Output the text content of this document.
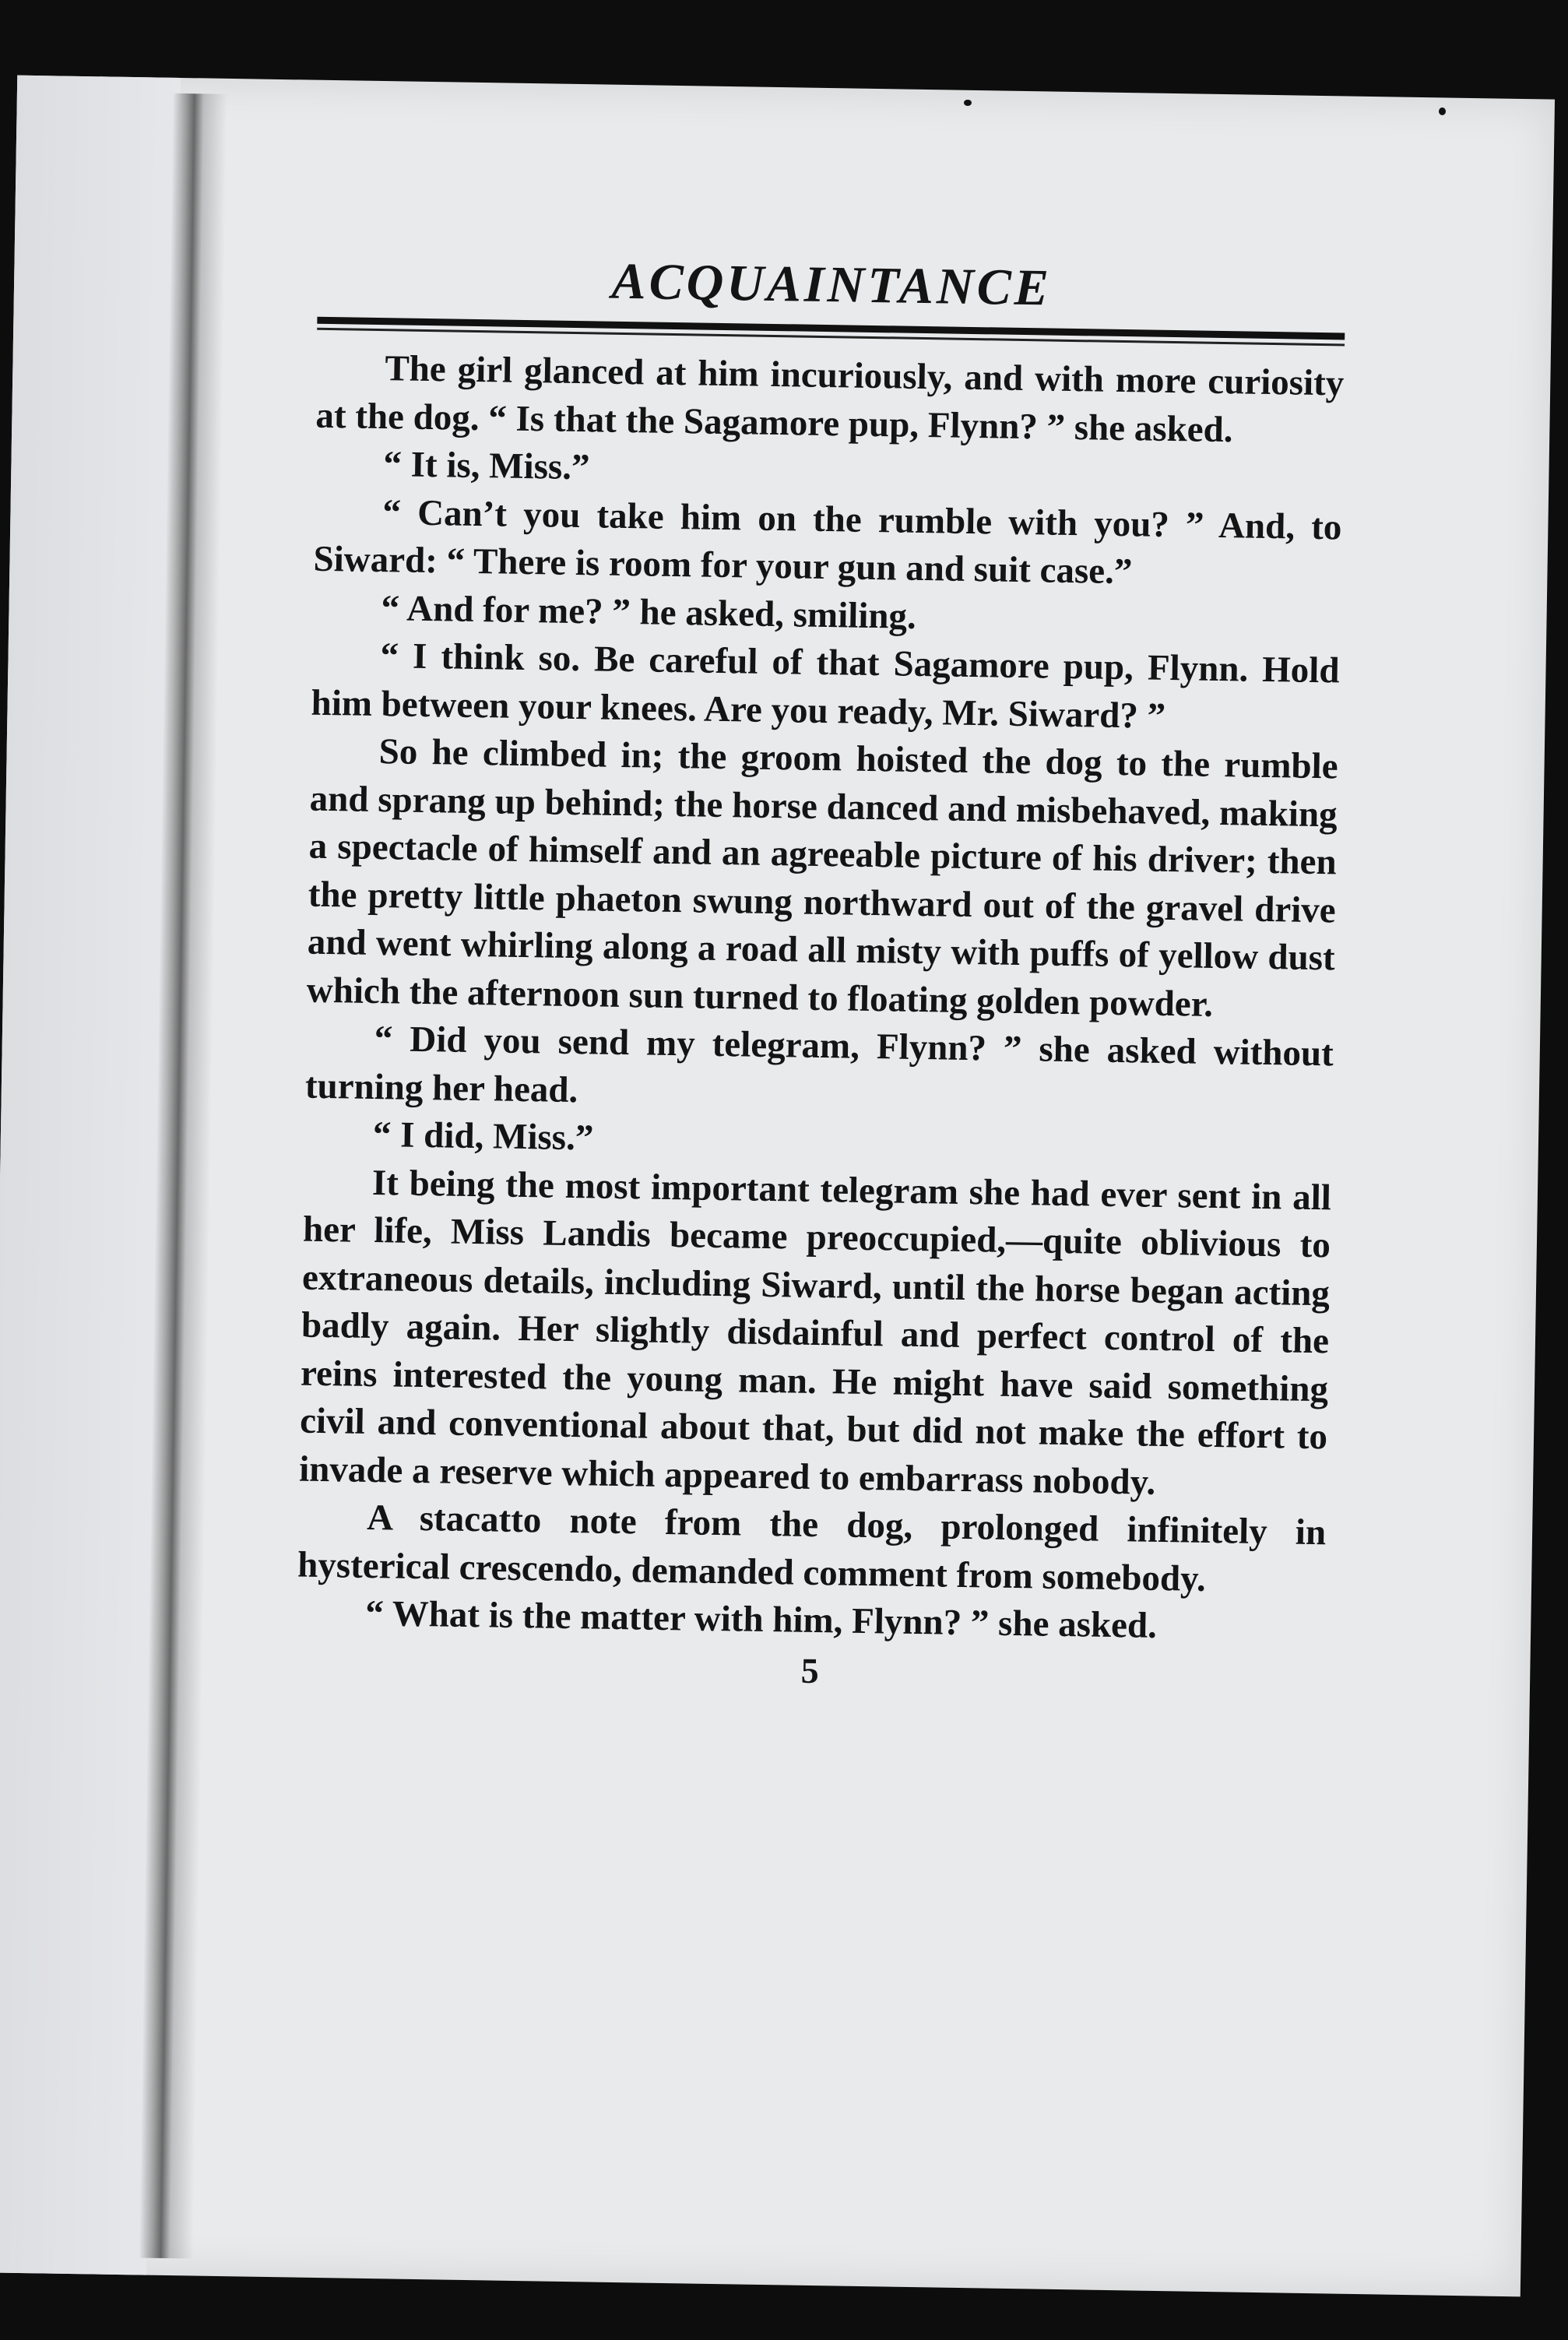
ACQUAINTANCE

The girl glanced at him incuriously, and with more curiosity at the dog. “ Is that the Sagamore pup, Flynn? ” she asked.

“ It is, Miss.”

“ Can’t you take him on the rumble with you? ” And, to Siward: “ There is room for your gun and suit case.”

“ And for me? ” he asked, smiling.

“ I think so. Be careful of that Sagamore pup, Flynn. Hold him between your knees. Are you ready, Mr. Siward? ”

So he climbed in; the groom hoisted the dog to the rumble and sprang up behind; the horse danced and misbehaved, making a spectacle of himself and an agreeable picture of his driver; then the pretty little phaeton swung northward out of the gravel drive and went whirling along a road all misty with puffs of yellow dust which the afternoon sun turned to floating golden powder.

“ Did you send my telegram, Flynn? ” she asked without turning her head.

“ I did, Miss.”

It being the most important telegram she had ever sent in all her life, Miss Landis became preoccupied,—quite oblivious to extraneous details, including Siward, until the horse began acting badly again. Her slightly disdainful and perfect control of the reins interested the young man. He might have said something civil and conventional about that, but did not make the effort to invade a reserve which appeared to embarrass nobody.

A stacatto note from the dog, prolonged infinitely in hysterical crescendo, demanded comment from somebody.

“ What is the matter with him, Flynn? ” she asked.

5
